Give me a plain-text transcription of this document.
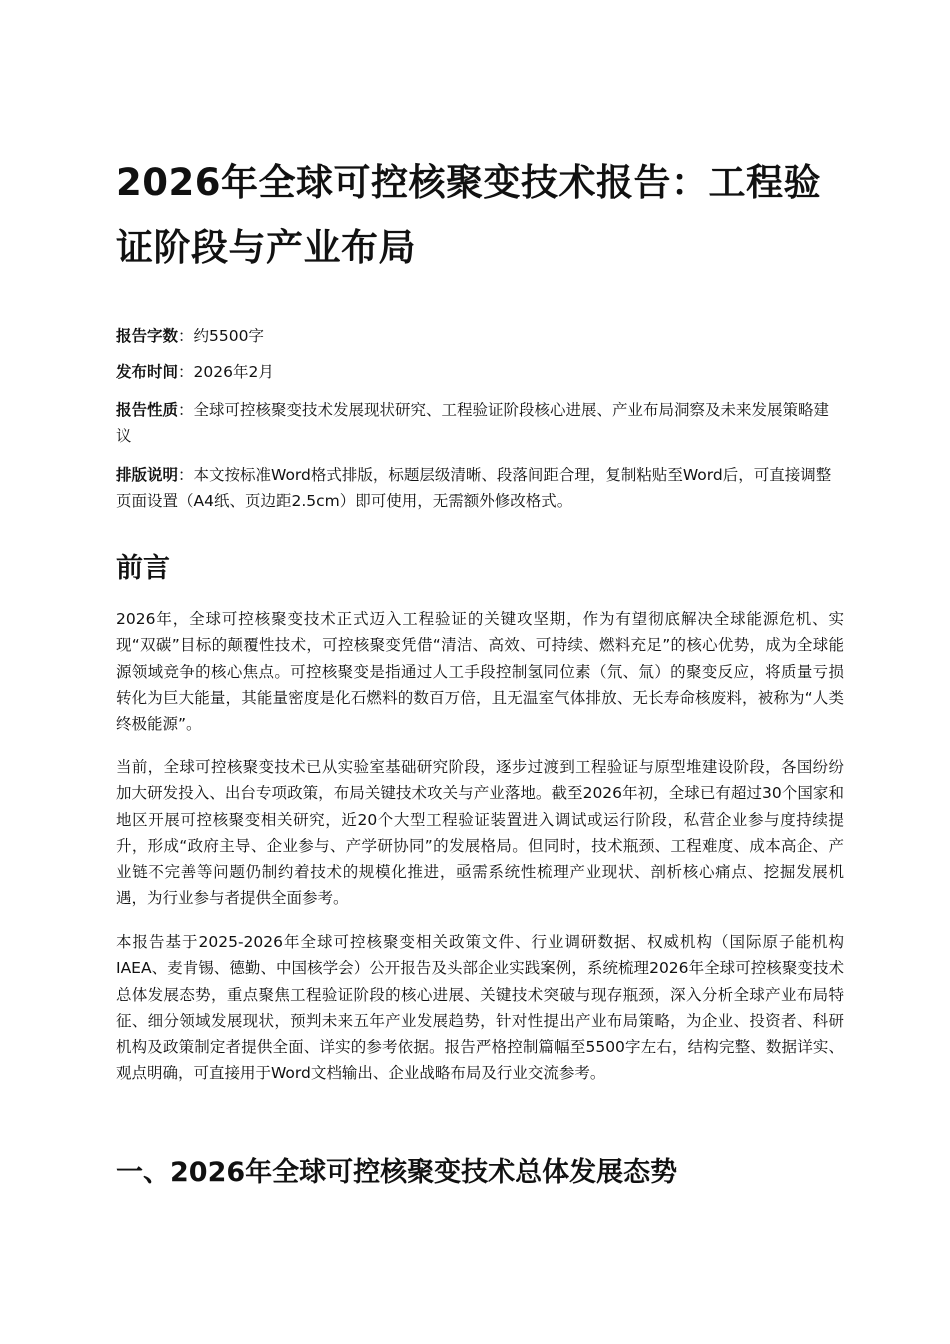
2026年全球可控核聚变技术报告：工程验证阶段与产业布局
报告字数：约5500字
发布时间：2026年2月
报告性质：全球可控核聚变技术发展现状研究、工程验证阶段核心进展、产业布局洞察及未来发展策略建议
排版说明：本文按标准Word格式排版，标题层级清晰、段落间距合理，复制粘贴至Word后，可直接调整页面设置（A4纸、页边距2.5cm）即可使用，无需额外修改格式。
前言

2026年，全球可控核聚变技术正式迈入工程验证的关键攻坚期，作为有望彻底解决全球能源危机、实现“双碳”目标的颠覆性技术，可控核聚变凭借“清洁、高效、可持续、燃料充足”的核心优势，成为全球能源领域竞争的核心焦点。可控核聚变是指通过人工手段控制氢同位素（氘、氚）的聚变反应，将质量亏损转化为巨大能量，其能量密度是化石燃料的数百万倍，且无温室气体排放、无长寿命核废料，被称为“人类终极能源”。

当前，全球可控核聚变技术已从实验室基础研究阶段，逐步过渡到工程验证与原型堆建设阶段，各国纷纷加大研发投入、出台专项政策，布局关键技术攻关与产业落地。截至2026年初，全球已有超过30个国家和地区开展可控核聚变相关研究，近20个大型工程验证装置进入调试或运行阶段，私营企业参与度持续提升，形成“政府主导、企业参与、产学研协同”的发展格局。但同时，技术瓶颈、工程难度、成本高企、产业链不完善等问题仍制约着技术的规模化推进，亟需系统性梳理产业现状、剖析核心痛点、挖掘发展机遇，为行业参与者提供全面参考。

本报告基于2025-2026年全球可控核聚变相关政策文件、行业调研数据、权威机构（国际原子能机构IAEA、麦肯锡、德勤、中国核学会）公开报告及头部企业实践案例，系统梳理2026年全球可控核聚变技术总体发展态势，重点聚焦工程验证阶段的核心进展、关键技术突破与现存瓶颈，深入分析全球产业布局特征、细分领域发展现状，预判未来五年产业发展趋势，针对性提出产业布局策略，为企业、投资者、科研机构及政策制定者提供全面、详实的参考依据。报告严格控制篇幅至5500字左右，结构完整、数据详实、观点明确，可直接用于Word文档输出、企业战略布局及行业交流参考。

一、2026年全球可控核聚变技术总体发展态势
